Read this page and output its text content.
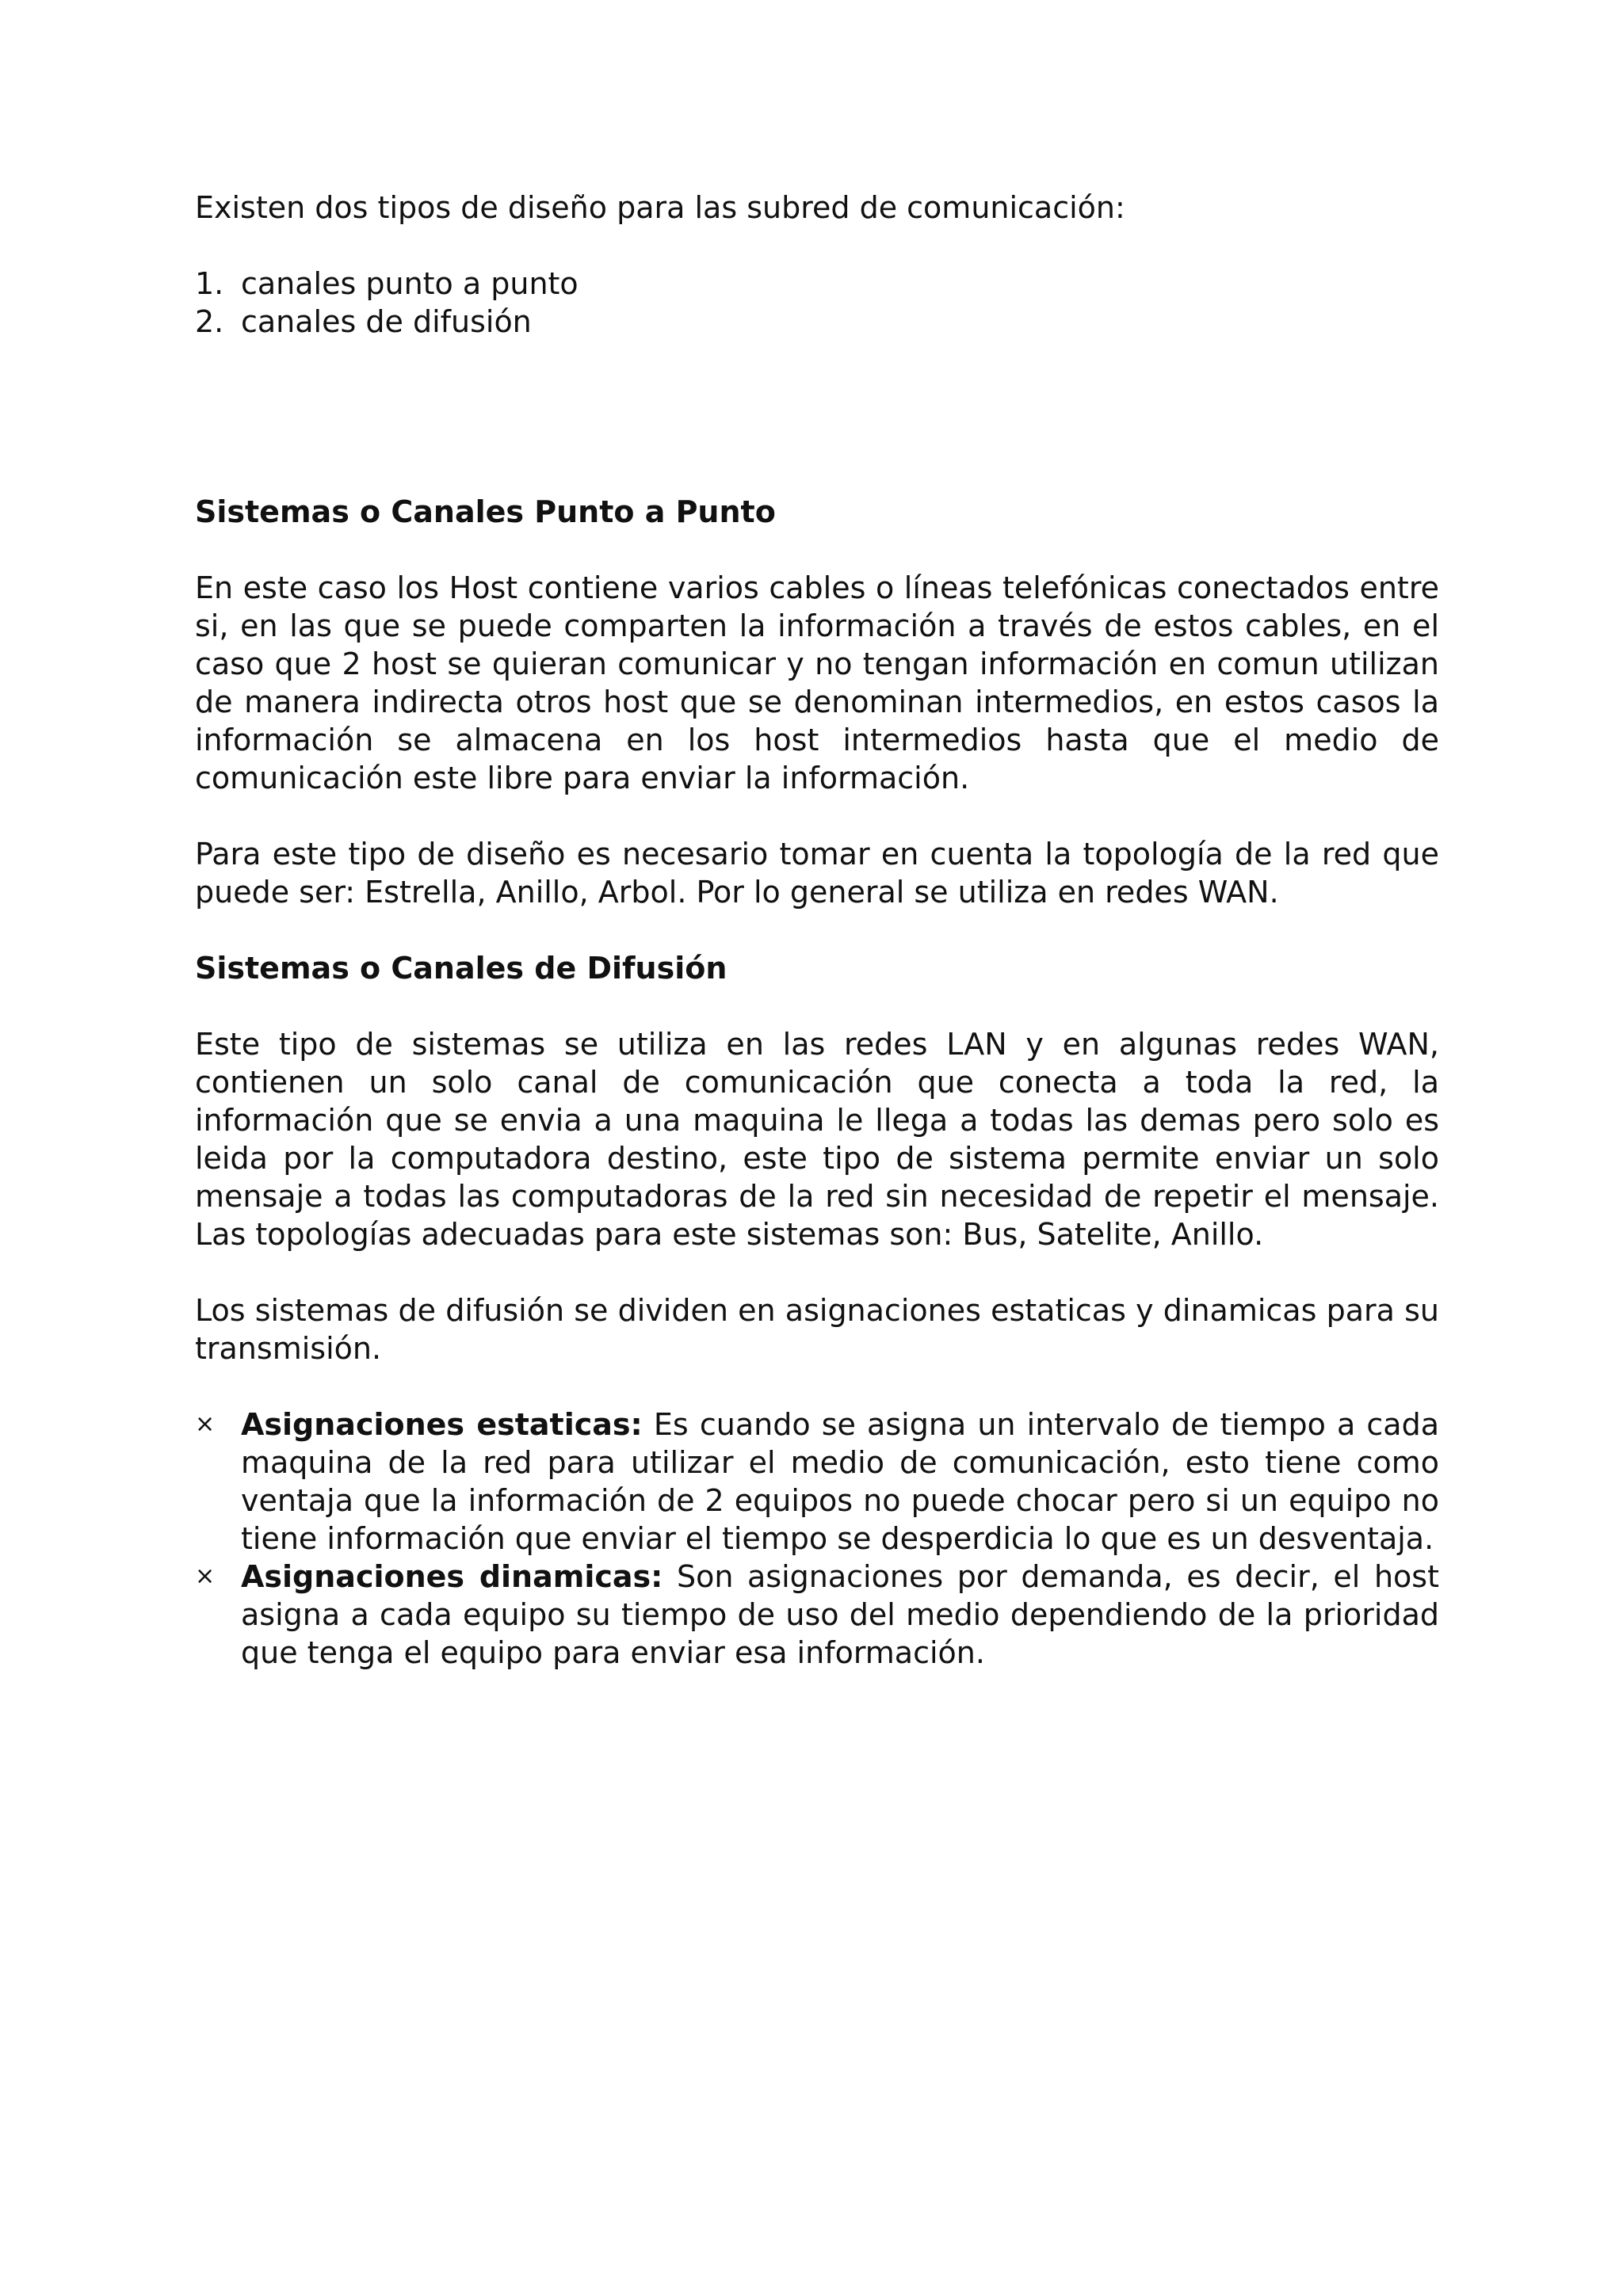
Existen dos tipos de diseño para las subred de comunicación:

1. canales punto a punto
2. canales de difusión
Sistemas o Canales Punto a Punto

En este caso los Host contiene varios cables o líneas telefónicas conectados entre si, en las que se puede comparten la información a través de estos cables, en el caso que 2 host se quieran comunicar y no tengan información en comun utilizan de manera indirecta otros host que se denominan intermedios, en estos casos la información se almacena en los host intermedios hasta que el medio de comunicación este libre para enviar la información.

Para este tipo de diseño es necesario tomar en cuenta la topología de la red que puede ser: Estrella, Anillo, Arbol. Por lo general se utiliza en redes WAN.

Sistemas o Canales de Difusión

Este tipo de sistemas se utiliza en las redes LAN y en algunas redes WAN, contienen un solo canal de comunicación que conecta a toda la red, la información que se envia a una maquina le llega a todas las demas pero solo es leida por la computadora destino, este tipo de sistema permite enviar un solo mensaje a todas las computadoras de la red sin necesidad de repetir el mensaje. Las topologías adecuadas para este sistemas son: Bus, Satelite, Anillo.

Los sistemas de difusión se dividen en asignaciones estaticas y dinamicas para su transmisión.

× Asignaciones estaticas: Es cuando se asigna un intervalo de tiempo a cada maquina de la red para utilizar el medio de comunicación, esto tiene como ventaja que la información de 2 equipos no puede chocar pero si un equipo no tiene información que enviar el tiempo se desperdicia lo que es un desventaja.
× Asignaciones dinamicas: Son asignaciones por demanda, es decir, el host asigna a cada equipo su tiempo de uso del medio dependiendo de la prioridad que tenga el equipo para enviar esa información.
